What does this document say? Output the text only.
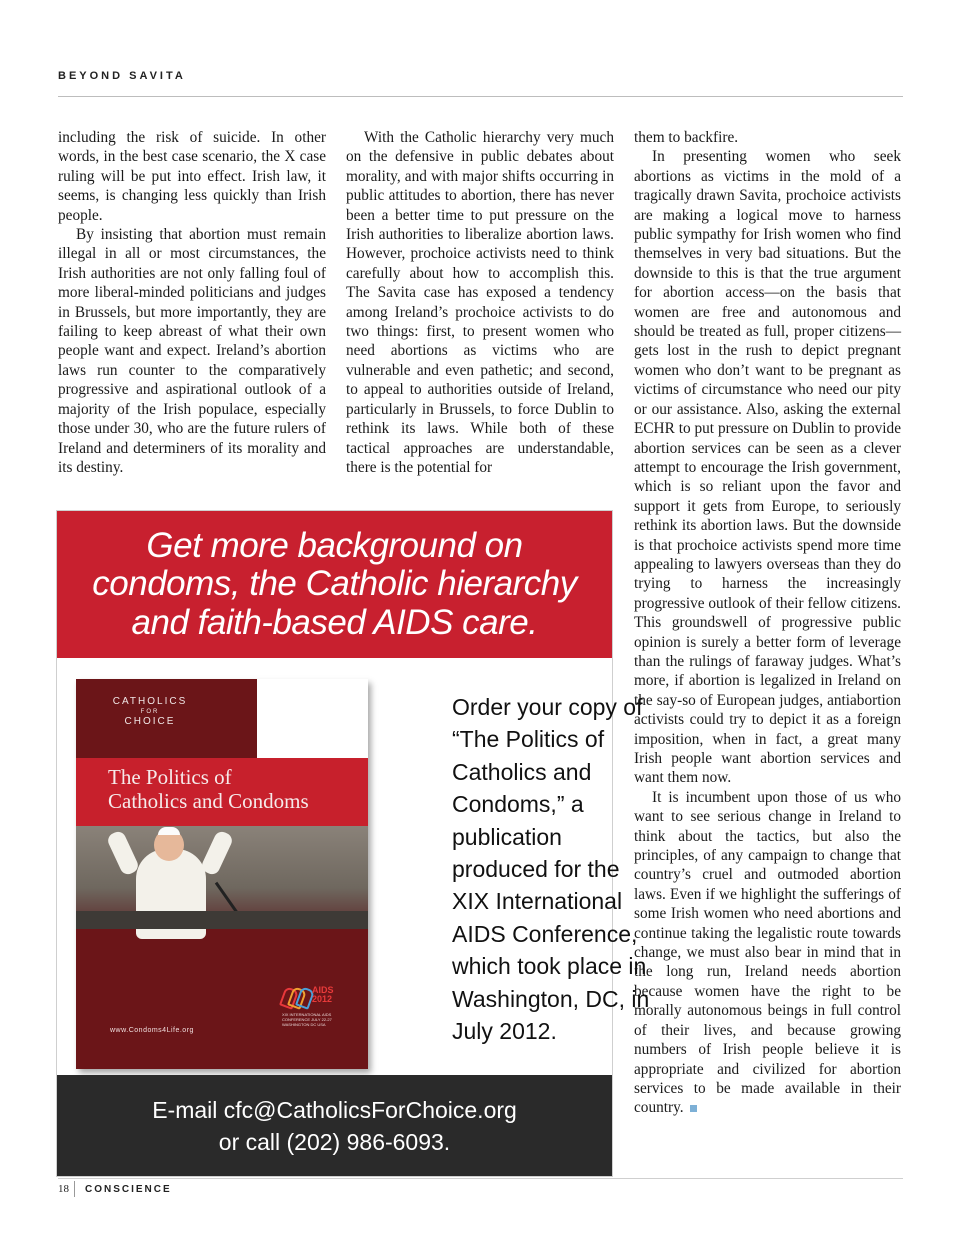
BEYOND SAVITA

including the risk of suicide. In other words, in the best case scenario, the X case ruling will be put into effect. Irish law, it seems, is changing less quickly than Irish people.

By insisting that abortion must remain illegal in all or most circumstances, the Irish authorities are not only falling foul of more liberal-minded politicians and judges in Brussels, but more importantly, they are failing to keep abreast of what their own people want and expect. Ireland’s abortion laws run counter to the comparatively progressive and aspirational outlook of a majority of the Irish populace, especially those under 30, who are the future rulers of Ireland and determiners of its morality and its destiny.

With the Catholic hierarchy very much on the defensive in public debates about morality, and with major shifts occurring in public attitudes to abortion, there has never been a better time to put pressure on the Irish authorities to liberalize abortion laws. However, prochoice activists need to think carefully about how to accomplish this. The Savita case has exposed a tendency among Ireland’s prochoice activists to do two things: first, to present women who need abortions as victims who are vulnerable and even pathetic; and second, to appeal to authorities outside of Ireland, particularly in Brussels, to force Dublin to rethink its laws. While both of these tactical approaches are understandable, there is the potential for

them to backfire.

In presenting women who seek abortions as victims in the mold of a tragically drawn Savita, prochoice activists are making a logical move to harness public sympathy for Irish women who find themselves in very bad situations. But the downside to this is that the true argument for abortion access—on the basis that women are free and autonomous and should be treated as full, proper citizens—gets lost in the rush to depict pregnant women who don’t want to be pregnant as victims of circumstance who need our pity or our assistance. Also, asking the external ECHR to put pressure on Dublin to provide abortion services can be seen as a clever attempt to encourage the Irish government, which is so reliant upon the favor and support it gets from Europe, to seriously rethink its abortion laws. But the downside is that prochoice activists spend more time appealing to lawyers overseas than they do trying to harness the increasingly progressive outlook of their fellow citizens. This groundswell of progressive public opinion is surely a better form of leverage than the rulings of faraway judges. What’s more, if abortion is legalized in Ireland on the say-so of European judges, antiabortion activists could try to depict it as a foreign imposition, when in fact, a great many Irish people want abortion services and want them now.

It is incumbent upon those of us who want to see serious change in Ireland to think about the tactics, but also the principles, of any campaign to change that country’s cruel and outmoded abortion laws. Even if we highlight the sufferings of some Irish women who need abortions and continue taking the legalistic route towards change, we must also bear in mind that in the long run, Ireland needs abortion because women have the right to be morally autonomous beings in full control of their lives, and because growing numbers of Irish people believe it is appropriate and civilized for abortion services to be made available in their country.

Get more background on condoms, the Catholic hierarchy and faith-based AIDS care.
CATHOLICS
FOR
CHOICE
The Politics of
Catholics and Condoms
www.Condoms4Life.org
AIDS 2012
XIX INTERNATIONAL AIDS CONFERENCE JULY 22-27 WASHINGTON DC USA
Order your copy of “The Politics of Catholics and Condoms,” a publication produced for the XIX International AIDS Conference, which took place in Washington, DC, in July 2012.
E-mail cfc@CatholicsForChoice.org
or call (202) 986-6093.
18 CONSCIENCE
